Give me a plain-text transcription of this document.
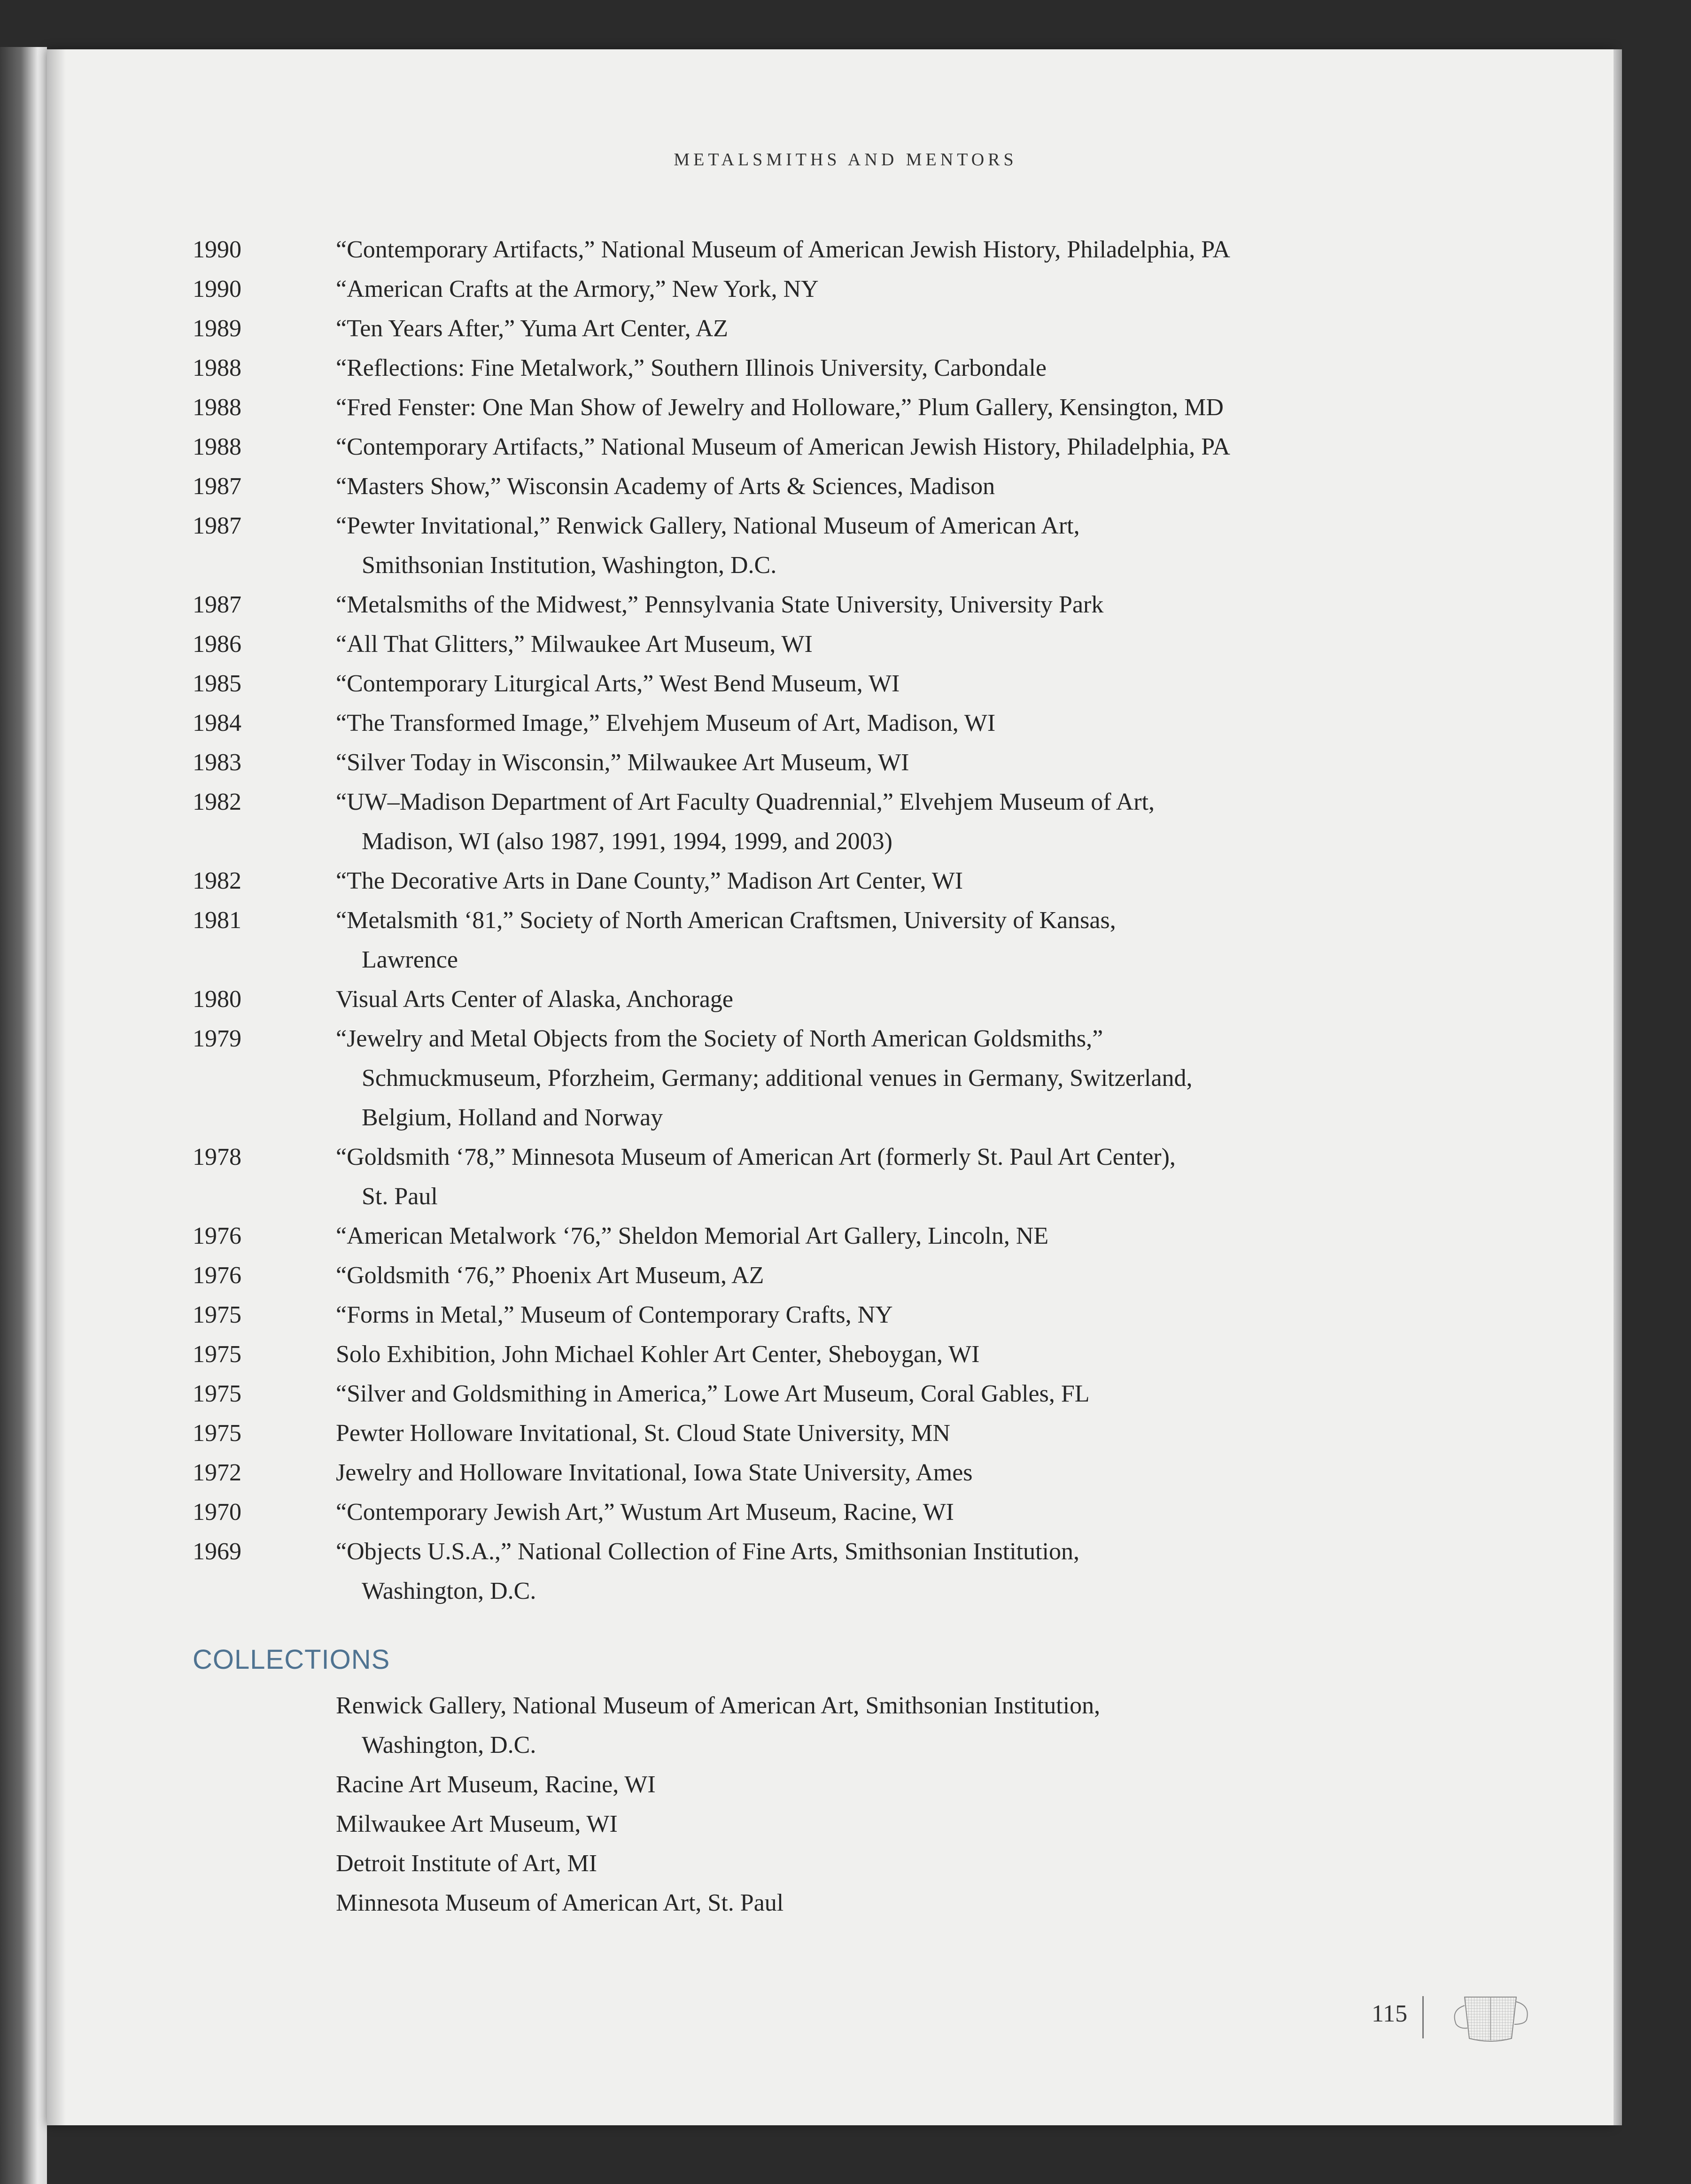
METALSMITHS AND MENTORS
1990	“Contemporary Artifacts,” National Museum of American Jewish History, Philadelphia, PA
1990	“American Crafts at the Armory,” New York, NY
1989	“Ten Years After,” Yuma Art Center, AZ
1988	“Reflections: Fine Metalwork,” Southern Illinois University, Carbondale
1988	“Fred Fenster: One Man Show of Jewelry and Holloware,” Plum Gallery, Kensington, MD
1988	“Contemporary Artifacts,” National Museum of American Jewish History, Philadelphia, PA
1987	“Masters Show,” Wisconsin Academy of Arts & Sciences, Madison
1987	“Pewter Invitational,” Renwick Gallery, National Museum of American Art,
Smithsonian Institution, Washington, D.C.
1987	“Metalsmiths of the Midwest,” Pennsylvania State University, University Park
1986	“All That Glitters,” Milwaukee Art Museum, WI
1985	“Contemporary Liturgical Arts,” West Bend Museum, WI
1984	“The Transformed Image,” Elvehjem Museum of Art, Madison, WI
1983	“Silver Today in Wisconsin,” Milwaukee Art Museum, WI
1982	“UW–Madison Department of Art Faculty Quadrennial,” Elvehjem Museum of Art,
Madison, WI (also 1987, 1991, 1994, 1999, and 2003)
1982	“The Decorative Arts in Dane County,” Madison Art Center, WI
1981	“Metalsmith ‘81,” Society of North American Craftsmen, University of Kansas,
Lawrence
1980	Visual Arts Center of Alaska, Anchorage
1979	“Jewelry and Metal Objects from the Society of North American Goldsmiths,”
Schmuckmuseum, Pforzheim, Germany; additional venues in Germany, Switzerland,
Belgium, Holland and Norway
1978	“Goldsmith ‘78,” Minnesota Museum of American Art (formerly St. Paul Art Center),
St. Paul
1976	“American Metalwork ‘76,” Sheldon Memorial Art Gallery, Lincoln, NE
1976	“Goldsmith ‘76,” Phoenix Art Museum, AZ
1975	“Forms in Metal,” Museum of Contemporary Crafts, NY
1975	Solo Exhibition, John Michael Kohler Art Center, Sheboygan, WI
1975	“Silver and Goldsmithing in America,” Lowe Art Museum, Coral Gables, FL
1975	Pewter Holloware Invitational, St. Cloud State University, MN
1972	Jewelry and Holloware Invitational, Iowa State University, Ames
1970	“Contemporary Jewish Art,” Wustum Art Museum, Racine, WI
1969	“Objects U.S.A.,” National Collection of Fine Arts, Smithsonian Institution,
Washington, D.C.
COLLECTIONS
Renwick Gallery, National Museum of American Art, Smithsonian Institution,
Washington, D.C.
Racine Art Museum, Racine, WI
Milwaukee Art Museum, WI
Detroit Institute of Art, MI
Minnesota Museum of American Art, St. Paul
115
